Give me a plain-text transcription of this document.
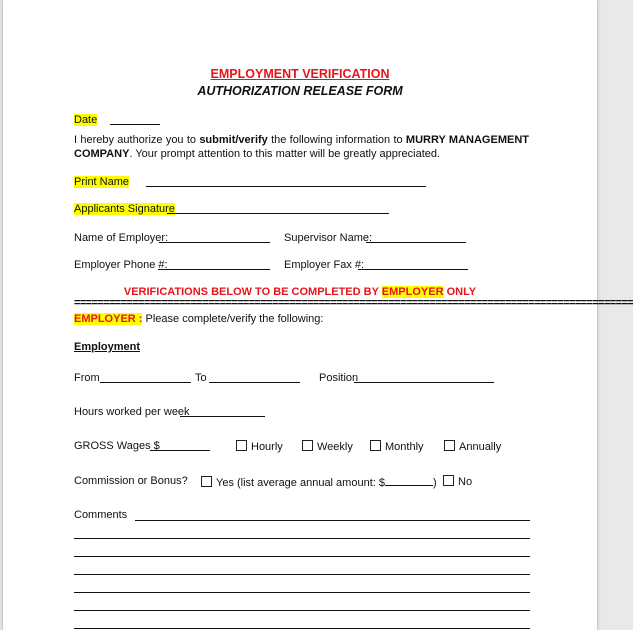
EMPLOYMENT VERIFICATION
AUTHORIZATION RELEASE FORM
Date
I hereby authorize you to submit/verify the following information to MURRY MANAGEMENT COMPANY. Your prompt attention to this matter will be greatly appreciated.
Print Name
Applicants Signature
Name of Employer:	Supervisor Name:
Employer Phone #:	Employer Fax #:
VERIFICATIONS BELOW TO BE COMPLETED BY EMPLOYER ONLY
================================================================================================
EMPLOYER : Please complete/verify the following:
Employment
From	To	Position
Hours worked per week
GROSS Wages $	Hourly	Weekly	Monthly	Annually
Commission or Bonus?	Yes (list average annual amount: $	)	No
Comments
